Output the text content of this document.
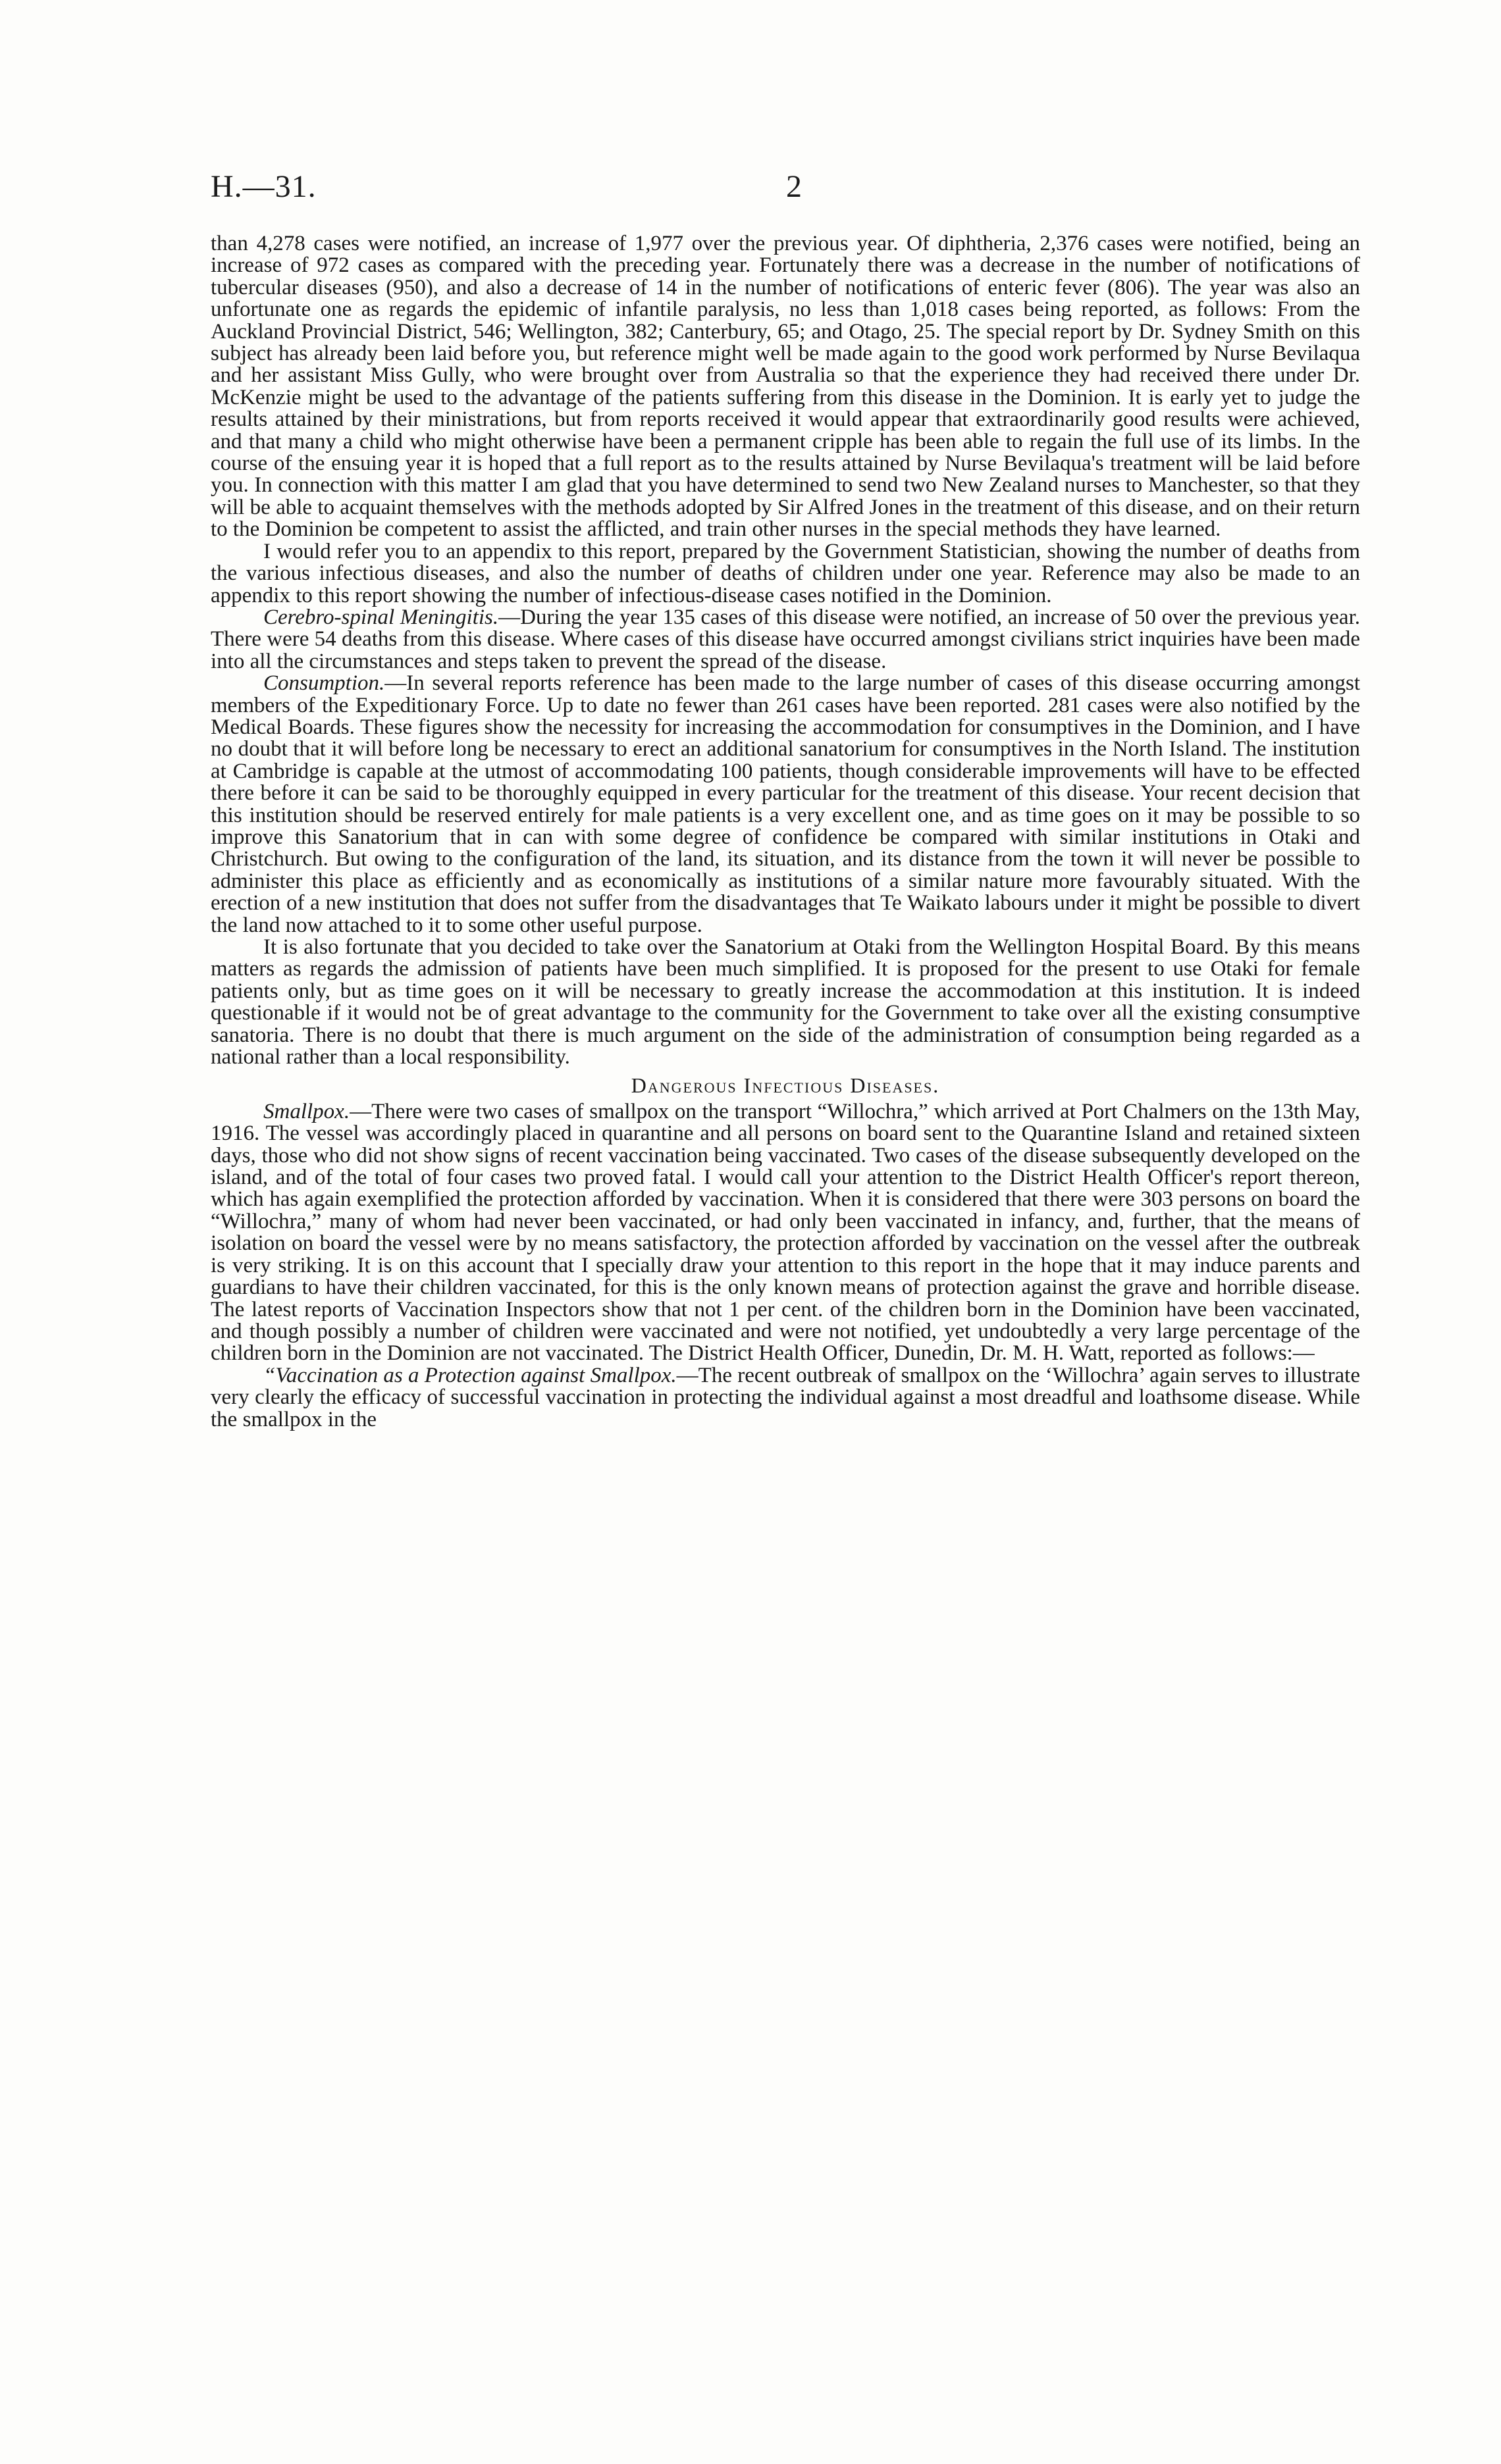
H.—31.	2

than 4,278 cases were notified, an increase of 1,977 over the previous year. Of diphtheria, 2,376 cases were notified, being an increase of 972 cases as compared with the preceding year. Fortunately there was a decrease in the number of notifications of tubercular diseases (950), and also a decrease of 14 in the number of notifications of enteric fever (806). The year was also an unfortunate one as regards the epidemic of infantile paralysis, no less than 1,018 cases being reported, as follows: From the Auckland Provincial District, 546; Wellington, 382; Canterbury, 65; and Otago, 25. The special report by Dr. Sydney Smith on this subject has already been laid before you, but reference might well be made again to the good work performed by Nurse Bevilaqua and her assistant Miss Gully, who were brought over from Australia so that the experience they had received there under Dr. McKenzie might be used to the advantage of the patients suffering from this disease in the Dominion. It is early yet to judge the results attained by their ministrations, but from reports received it would appear that extraordinarily good results were achieved, and that many a child who might otherwise have been a permanent cripple has been able to regain the full use of its limbs. In the course of the ensuing year it is hoped that a full report as to the results attained by Nurse Bevilaqua's treatment will be laid before you. In connection with this matter I am glad that you have determined to send two New Zealand nurses to Manchester, so that they will be able to acquaint themselves with the methods adopted by Sir Alfred Jones in the treatment of this disease, and on their return to the Dominion be competent to assist the afflicted, and train other nurses in the special methods they have learned.

I would refer you to an appendix to this report, prepared by the Government Statistician, showing the number of deaths from the various infectious diseases, and also the number of deaths of children under one year. Reference may also be made to an appendix to this report showing the number of infectious-disease cases notified in the Dominion.

Cerebro-spinal Meningitis.—During the year 135 cases of this disease were notified, an increase of 50 over the previous year. There were 54 deaths from this disease. Where cases of this disease have occurred amongst civilians strict inquiries have been made into all the circumstances and steps taken to prevent the spread of the disease.

Consumption.—In several reports reference has been made to the large number of cases of this disease occurring amongst members of the Expeditionary Force. Up to date no fewer than 261 cases have been reported. 281 cases were also notified by the Medical Boards. These figures show the necessity for increasing the accommodation for consumptives in the Dominion, and I have no doubt that it will before long be necessary to erect an additional sanatorium for consumptives in the North Island. The institution at Cambridge is capable at the utmost of accommodating 100 patients, though considerable improvements will have to be effected there before it can be said to be thoroughly equipped in every particular for the treatment of this disease. Your recent decision that this institution should be reserved entirely for male patients is a very excellent one, and as time goes on it may be possible to so improve this Sanatorium that in can with some degree of confidence be compared with similar institutions in Otaki and Christchurch. But owing to the configuration of the land, its situation, and its distance from the town it will never be possible to administer this place as efficiently and as economically as institutions of a similar nature more favourably situated. With the erection of a new institution that does not suffer from the disadvantages that Te Waikato labours under it might be possible to divert the land now attached to it to some other useful purpose.

It is also fortunate that you decided to take over the Sanatorium at Otaki from the Wellington Hospital Board. By this means matters as regards the admission of patients have been much simplified. It is proposed for the present to use Otaki for female patients only, but as time goes on it will be necessary to greatly increase the accommodation at this institution. It is indeed questionable if it would not be of great advantage to the community for the Government to take over all the existing consumptive sanatoria. There is no doubt that there is much argument on the side of the administration of consumption being regarded as a national rather than a local responsibility.

Dangerous Infectious Diseases.

Smallpox.—There were two cases of smallpox on the transport “Willochra,” which arrived at Port Chalmers on the 13th May, 1916. The vessel was accordingly placed in quarantine and all persons on board sent to the Quarantine Island and retained sixteen days, those who did not show signs of recent vaccination being vaccinated. Two cases of the disease subsequently developed on the island, and of the total of four cases two proved fatal. I would call your attention to the District Health Officer's report thereon, which has again exemplified the protection afforded by vaccination. When it is considered that there were 303 persons on board the “Willochra,” many of whom had never been vaccinated, or had only been vaccinated in infancy, and, further, that the means of isolation on board the vessel were by no means satisfactory, the protection afforded by vaccination on the vessel after the outbreak is very striking. It is on this account that I specially draw your attention to this report in the hope that it may induce parents and guardians to have their children vaccinated, for this is the only known means of protection against the grave and horrible disease. The latest reports of Vaccination Inspectors show that not 1 per cent. of the children born in the Dominion have been vaccinated, and though possibly a number of children were vaccinated and were not notified, yet undoubtedly a very large percentage of the children born in the Dominion are not vaccinated. The District Health Officer, Dunedin, Dr. M. H. Watt, reported as follows:—

“Vaccination as a Protection against Smallpox.—The recent outbreak of smallpox on the ‘Willochra’ again serves to illustrate very clearly the efficacy of successful vaccination in protecting the individual against a most dreadful and loathsome disease. While the smallpox in the
